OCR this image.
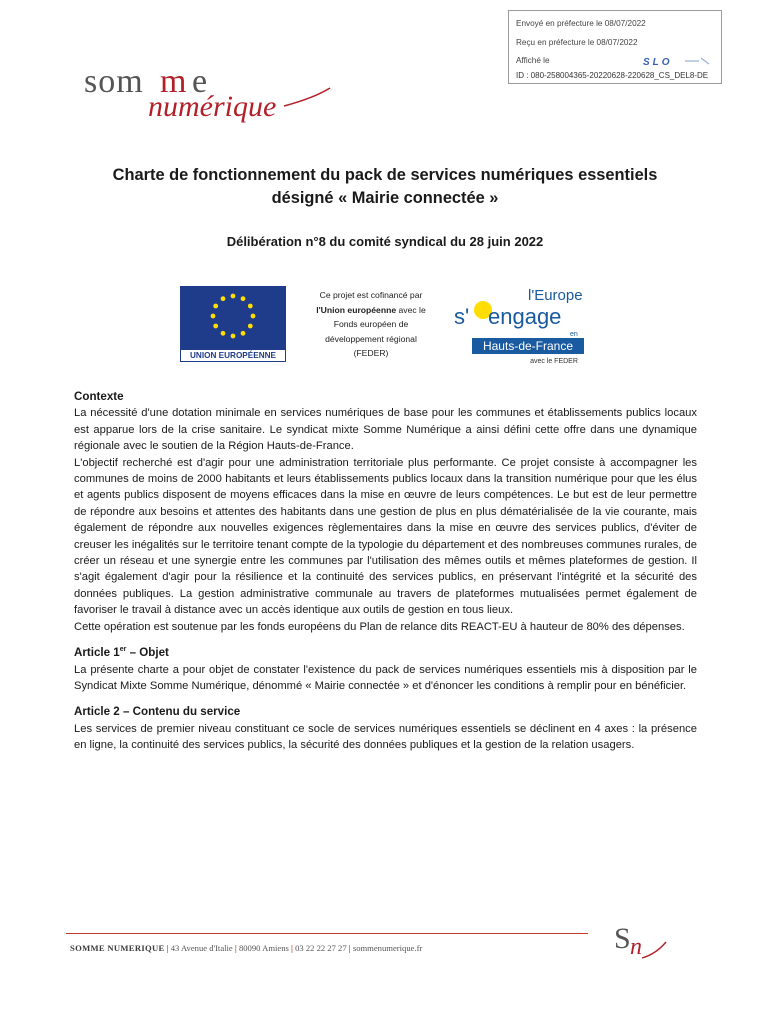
Envoyé en préfecture le 08/07/2022
Reçu en préfecture le 08/07/2022
Affiché le	SLO
ID : 080-258004365-20220628-220628_CS_DEL8-DE
som m e
numérique
Charte de fonctionnement du pack de services numériques essentiels
désigné « Mairie connectée »
Délibération n°8 du comité syndical du 28 juin 2022
UNION EUROPÉENNE
Ce projet est cofinancé par
l'Union européenne avec le
Fonds européen de
développement régional
(FEDER)
l'Europe
s' engage
en
Hauts-de-France
avec le FEDER
Contexte

La nécessité d'une dotation minimale en services numériques de base pour les communes et établissements publics locaux est apparue lors de la crise sanitaire. Le syndicat mixte Somme Numérique a ainsi défini cette offre dans une dynamique régionale avec le soutien de la Région Hauts-de-France.

L'objectif recherché est d'agir pour une administration territoriale plus performante. Ce projet consiste à accompagner les communes de moins de 2000 habitants et leurs établissements publics locaux dans la transition numérique pour que les élus et agents publics disposent de moyens efficaces dans la mise en œuvre de leurs compétences. Le but est de leur permettre de répondre aux besoins et attentes des habitants dans une gestion de plus en plus dématérialisée de la vie courante, mais également de répondre aux nouvelles exigences règlementaires dans la mise en œuvre des services publics, d'éviter de creuser les inégalités sur le territoire tenant compte de la typologie du département et des nombreuses communes rurales, de créer un réseau et une synergie entre les communes par l'utilisation des mêmes outils et mêmes plateformes de gestion. Il s'agit également d'agir pour la résilience et la continuité des services publics, en préservant l'intégrité et la sécurité des données publiques. La gestion administrative communale au travers de plateformes mutualisées permet également de favoriser le travail à distance avec un accès identique aux outils de gestion en tous lieux.

Cette opération est soutenue par les fonds européens du Plan de relance dits REACT-EU à hauteur de 80% des dépenses.

Article 1er – Objet

La présente charte a pour objet de constater l'existence du pack de services numériques essentiels mis à disposition par le Syndicat Mixte Somme Numérique, dénommé « Mairie connectée » et d'énoncer les conditions à remplir pour en bénéficier.

Article 2 – Contenu du service

Les services de premier niveau constituant ce socle de services numériques essentiels se déclinent en 4 axes : la présence en ligne, la continuité des services publics, la sécurité des données publiques et la gestion de la relation usagers.

SOMME NUMERIQUE | 43 Avenue d'Italie | 80090 Amiens | 03 22 22 27 27 | sommenumerique.fr	S n
